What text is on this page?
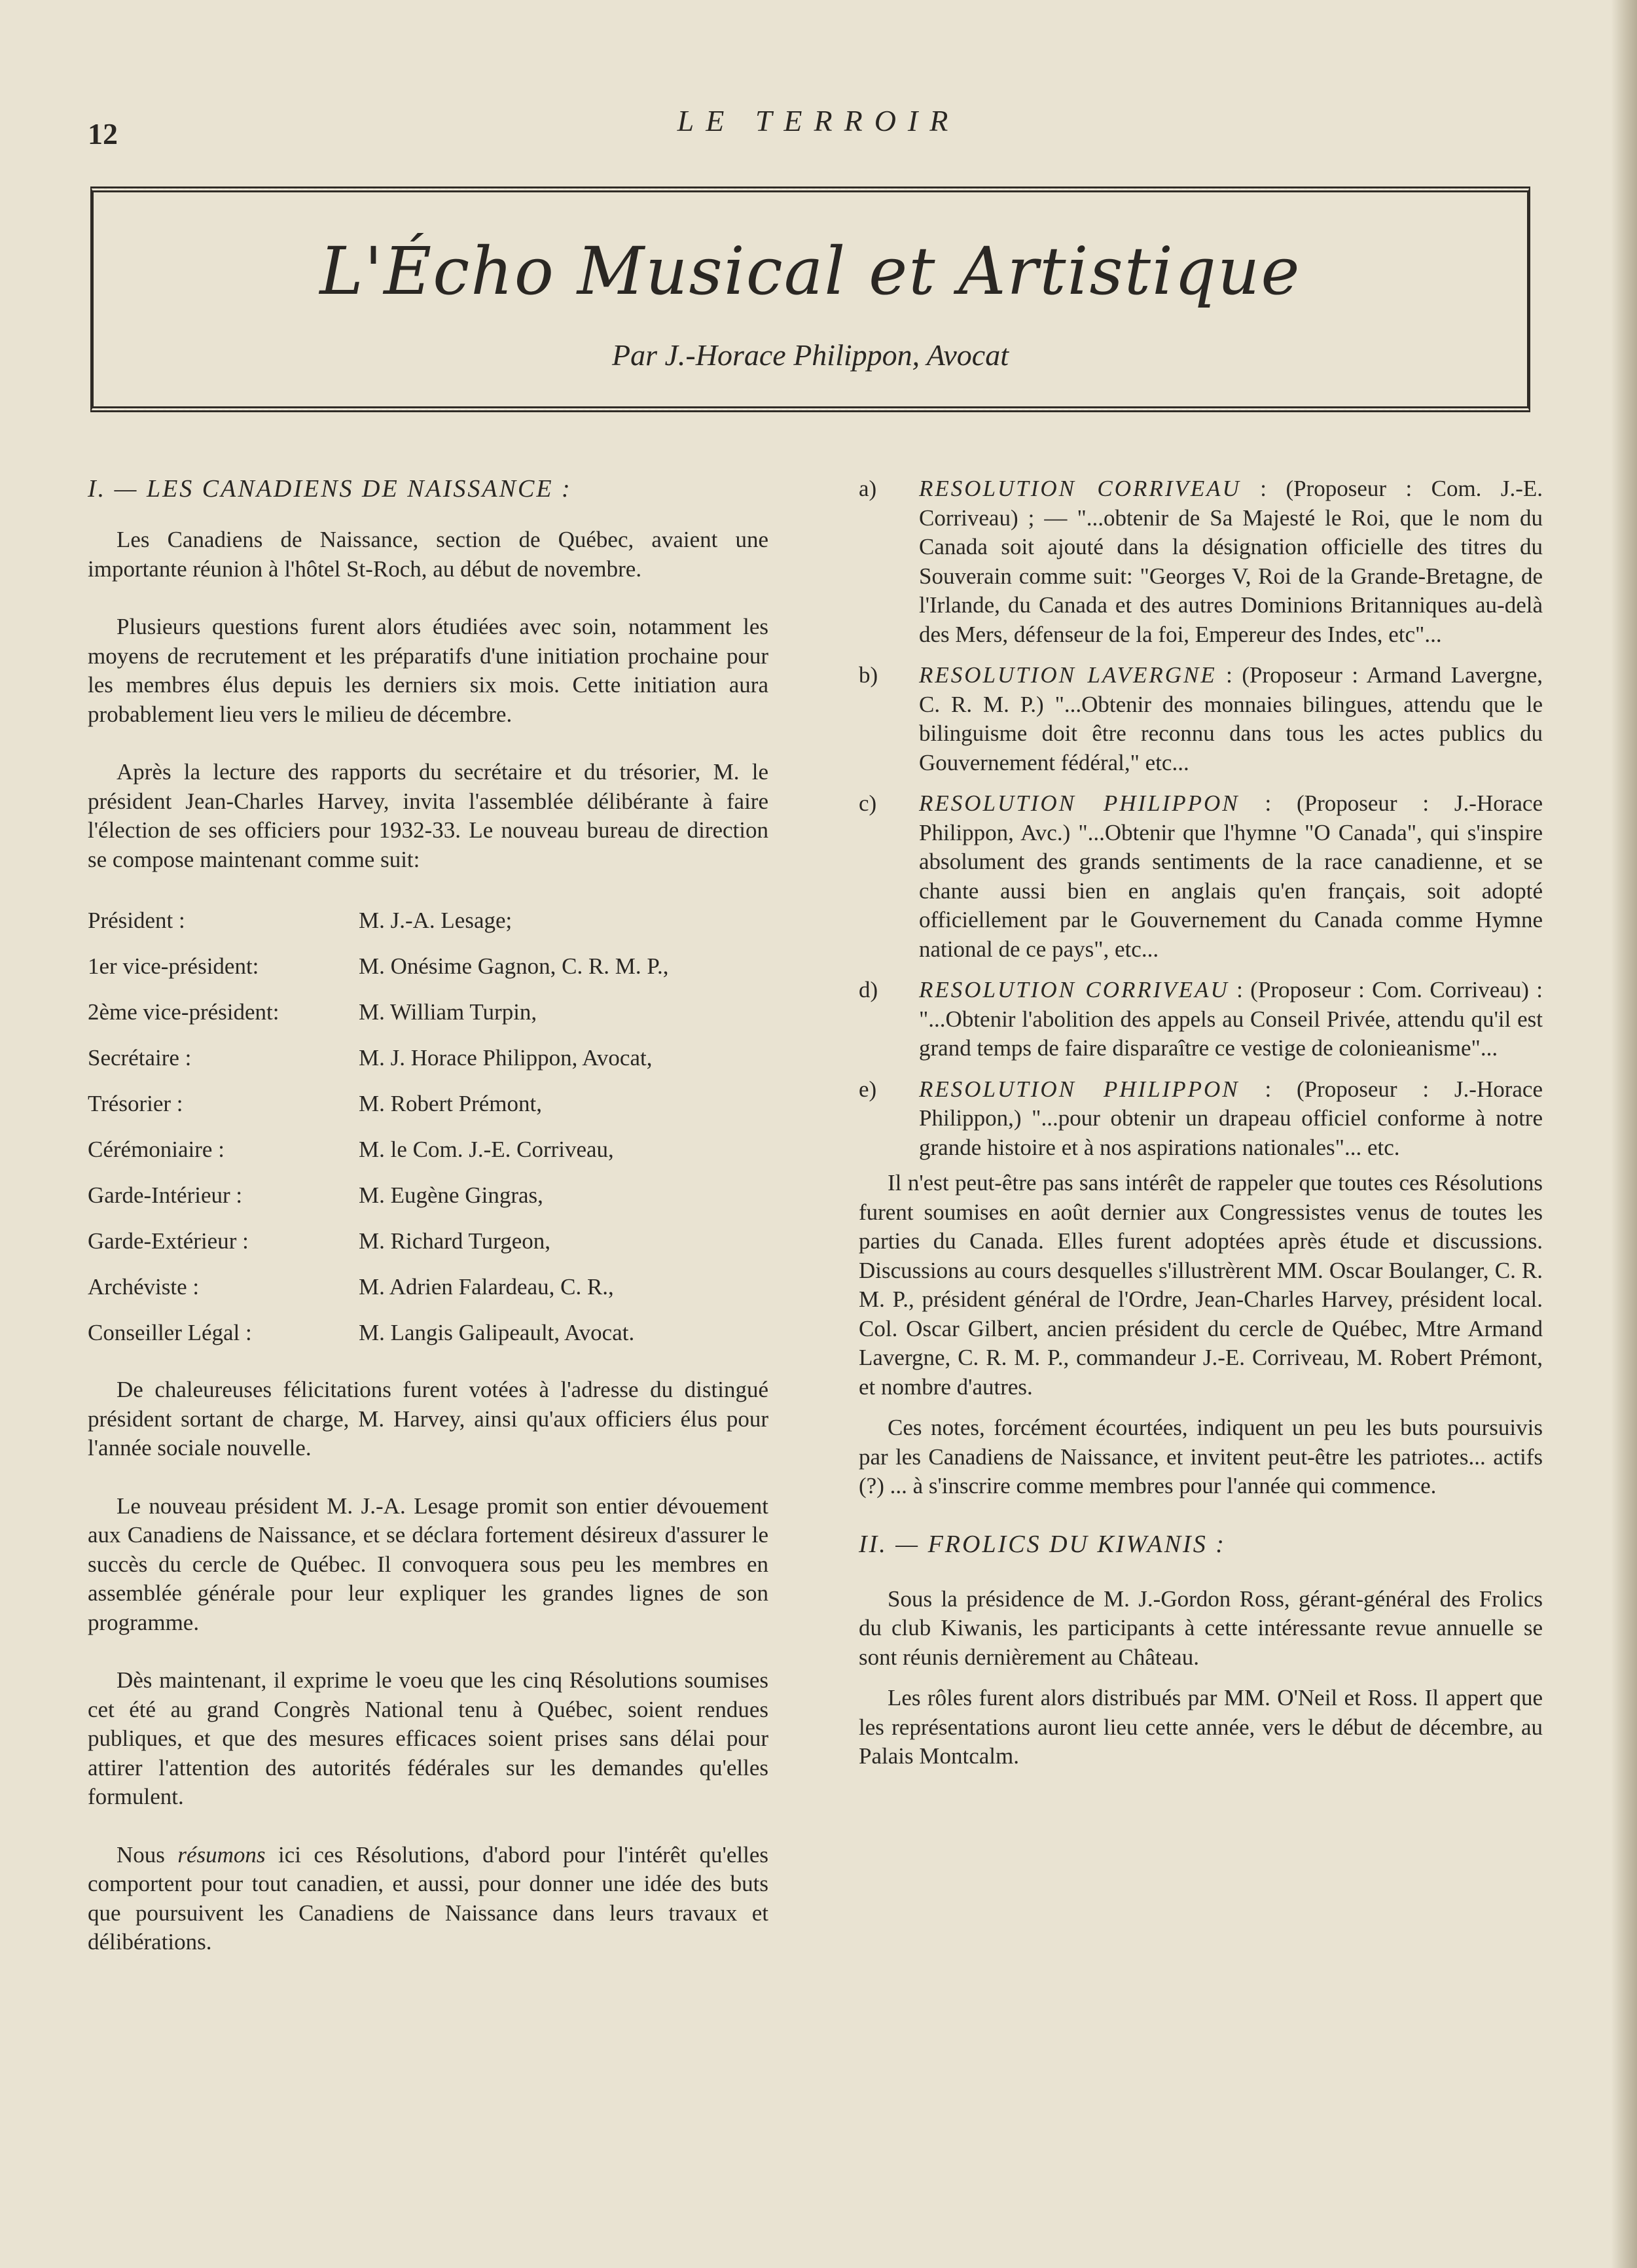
12	LE TERROIR
L'Écho Musical et Artistique
Par J.-Horace Philippon, Avocat
I. — LES CANADIENS DE NAISSANCE :

Les Canadiens de Naissance, section de Québec, avaient une importante réunion à l'hôtel St-Roch, au début de novembre.

Plusieurs questions furent alors étudiées avec soin, notamment les moyens de recrutement et les préparatifs d'une initiation prochaine pour les membres élus depuis les derniers six mois. Cette initiation aura probablement lieu vers le milieu de décembre.

Après la lecture des rapports du secrétaire et du trésorier, M. le président Jean-Charles Harvey, invita l'assemblée délibérante à faire l'élection de ses officiers pour 1932-33. Le nouveau bureau de direction se compose maintenant comme suit:

Président :	M. J.-A. Lesage;
1er vice-président:	M. Onésime Gagnon, C. R. M. P.,
2ème vice-président:	M. William Turpin,
Secrétaire :	M. J. Horace Philippon, Avocat,
Trésorier :	M. Robert Prémont,
Cérémoniaire :	M. le Com. J.-E. Corriveau,
Garde-Intérieur :	M. Eugène Gingras,
Garde-Extérieur :	M. Richard Turgeon,
Archéviste :	M. Adrien Falardeau, C. R.,
Conseiller Légal :	M. Langis Galipeault, Avocat.

De chaleureuses félicitations furent votées à l'adresse du distingué président sortant de charge, M. Harvey, ainsi qu'aux officiers élus pour l'année sociale nouvelle.

Le nouveau président M. J.-A. Lesage promit son entier dévouement aux Canadiens de Naissance, et se déclara fortement désireux d'assurer le succès du cercle de Québec. Il convoquera sous peu les membres en assemblée générale pour leur expliquer les grandes lignes de son programme.

Dès maintenant, il exprime le voeu que les cinq Résolutions soumises cet été au grand Congrès National tenu à Québec, soient rendues publiques, et que des mesures efficaces soient prises sans délai pour attirer l'attention des autorités fédérales sur les demandes qu'elles formulent.

Nous résumons ici ces Résolutions, d'abord pour l'intérêt qu'elles comportent pour tout canadien, et aussi, pour donner une idée des buts que poursuivent les Canadiens de Naissance dans leurs travaux et délibérations.

a)	RESOLUTION CORRIVEAU : (Proposeur : Com. J.-E. Corriveau) ; — "...obtenir de Sa Majesté le Roi, que le nom du Canada soit ajouté dans la désignation officielle des titres du Souverain comme suit: "Georges V, Roi de la Grande-Bretagne, de l'Irlande, du Canada et des autres Dominions Britanniques au-delà des Mers, défenseur de la foi, Empereur des Indes, etc"...
b)	RESOLUTION LAVERGNE : (Proposeur : Armand Lavergne, C. R. M. P.) "...Obtenir des monnaies bilingues, attendu que le bilinguisme doit être reconnu dans tous les actes publics du Gouvernement fédéral," etc...
c)	RESOLUTION PHILIPPON : (Proposeur : J.-Horace Philippon, Avc.) "...Obtenir que l'hymne "O Canada", qui s'inspire absolument des grands sentiments de la race canadienne, et se chante aussi bien en anglais qu'en français, soit adopté officiellement par le Gouvernement du Canada comme Hymne national de ce pays", etc...
d)	RESOLUTION CORRIVEAU : (Proposeur : Com. Corriveau) : "...Obtenir l'abolition des appels au Conseil Privée, attendu qu'il est grand temps de faire disparaître ce vestige de colonieanisme"...
e)	RESOLUTION PHILIPPON : (Proposeur : J.-Horace Philippon,) "...pour obtenir un drapeau officiel conforme à notre grande histoire et à nos aspirations nationales"... etc.

Il n'est peut-être pas sans intérêt de rappeler que toutes ces Résolutions furent soumises en août dernier aux Congressistes venus de toutes les parties du Canada. Elles furent adoptées après étude et discussions. Discussions au cours desquelles s'illustrèrent MM. Oscar Boulanger, C. R. M. P., président général de l'Ordre, Jean-Charles Harvey, président local. Col. Oscar Gilbert, ancien président du cercle de Québec, Mtre Armand Lavergne, C. R. M. P., commandeur J.-E. Corriveau, M. Robert Prémont, et nombre d'autres.

Ces notes, forcément écourtées, indiquent un peu les buts poursuivis par les Canadiens de Naissance, et invitent peut-être les patriotes... actifs (?) ... à s'inscrire comme membres pour l'année qui commence.

II. — FROLICS DU KIWANIS :

Sous la présidence de M. J.-Gordon Ross, gérant-général des Frolics du club Kiwanis, les participants à cette intéressante revue annuelle se sont réunis dernièrement au Château.

Les rôles furent alors distribués par MM. O'Neil et Ross. Il appert que les représentations auront lieu cette année, vers le début de décembre, au Palais Montcalm.
